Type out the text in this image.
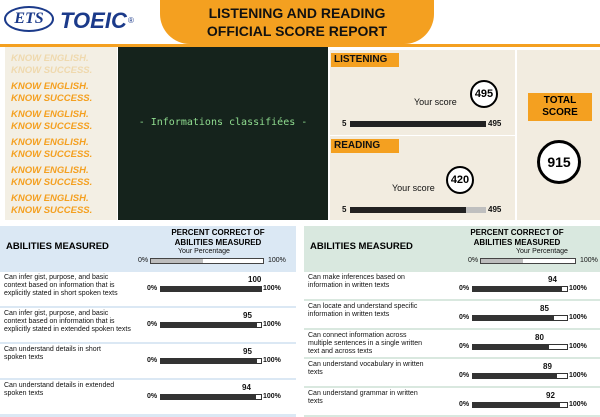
ETS TOEIC ®	LISTENING AND READING
OFFICIAL SCORE REPORT
KNOW ENGLISH.
KNOW SUCCESS.
KNOW ENGLISH.
KNOW SUCCESS.
KNOW ENGLISH.
KNOW SUCCESS.
KNOW ENGLISH.
KNOW SUCCESS.
KNOW ENGLISH.
KNOW SUCCESS.
KNOW ENGLISH.
KNOW SUCCESS.
- Informations classifiées -
LISTENING
Your score
495
5	495
READING
Your score
420
5	495
TOTAL
SCORE
915
ABILITIES MEASURED
PERCENT CORRECT OF
ABILITIES MEASURED
Your Percentage
0%	100%
Can infer gist, purpose, and basic
context based on information that is
explicitly stated in short spoken texts
100
0%	100%
Can infer gist, purpose, and basic
context based on information that is
explicitly stated in extended spoken texts
95
0%	100%
Can understand details in short
spoken texts
95
0%	100%
Can understand details in extended
spoken texts
94
0%	100%
ABILITIES MEASURED
PERCENT CORRECT OF
ABILITIES MEASURED
Your Percentage
0%	100%
Can make inferences based on
information in written texts
94
0%	100%
Can locate and understand specific
information in written texts
85
0%	100%
Can connect information across
multiple sentences in a single written
text and across texts
80
0%	100%
Can understand vocabulary in written
texts
89
0%	100%
Can understand grammar in written
texts
92
0%	100%
